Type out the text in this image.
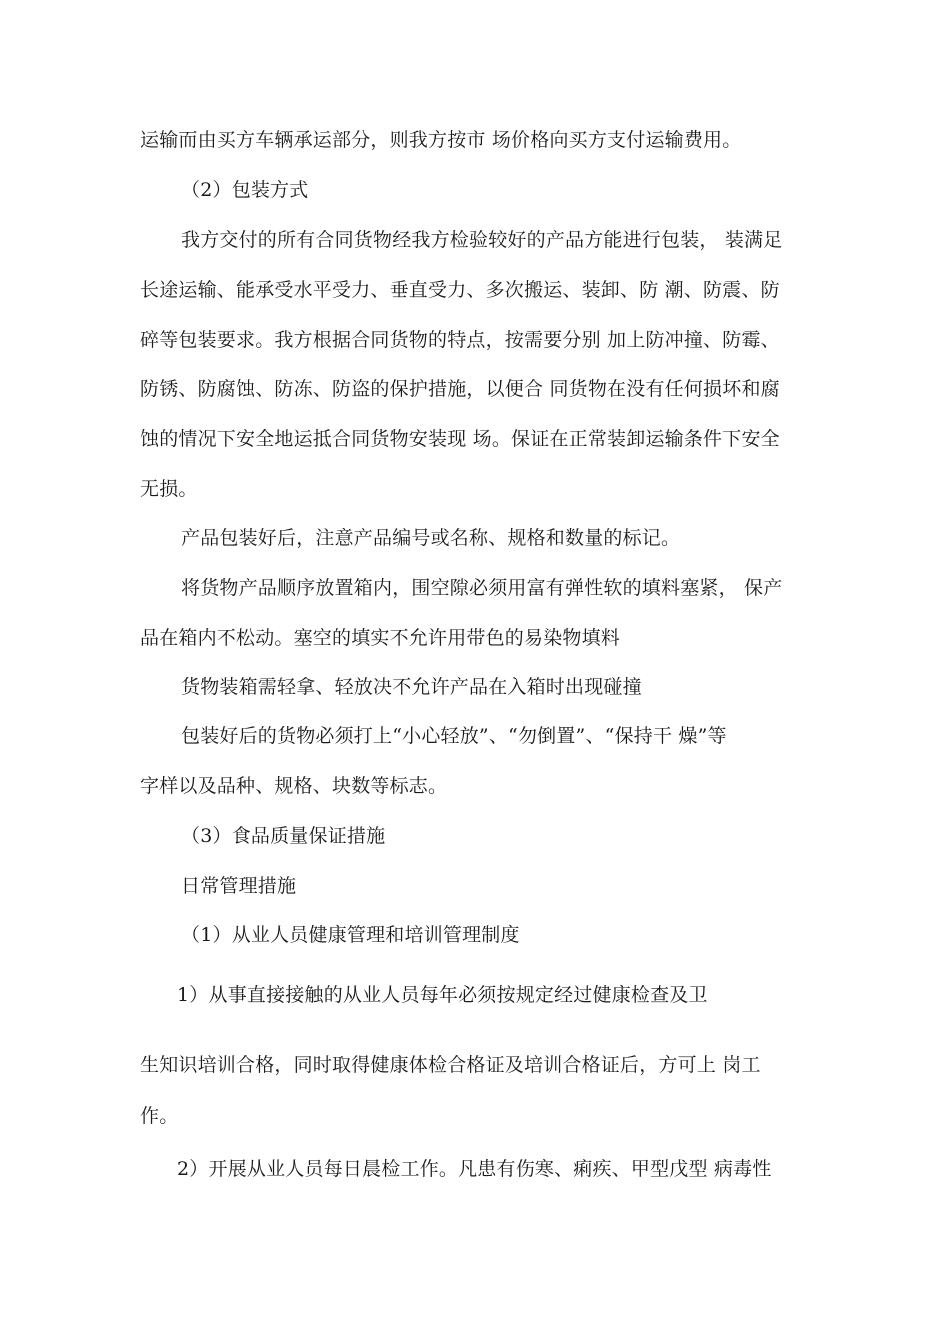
运输而由买方车辆承运部分，则我方按市 场价格向买方支付运输费用。
（2）包装方式
我方交付的所有合同货物经我方检验较好的产品方能进行包装， 装满足
长途运输、能承受水平受力、垂直受力、多次搬运、装卸、防 潮、防震、防
碎等包装要求。我方根据合同货物的特点，按需要分别 加上防冲撞、防霉、
防锈、防腐蚀、防冻、防盗的保护措施，以便合 同货物在没有任何损坏和腐
蚀的情况下安全地运抵合同货物安装现 场。保证在正常装卸运输条件下安全
无损。
产品包装好后，注意产品编号或名称、规格和数量的标记。
将货物产品顺序放置箱内，围空隙必须用富有弹性软的填料塞紧， 保产
品在箱内不松动。塞空的填实不允许用带色的易染物填料
货物装箱需轻拿、轻放决不允许产品在入箱时出现碰撞
包装好后的货物必须打上“小心轻放”、“勿倒置”、“保持干 燥”等
字样以及品种、规格、块数等标志。
（3）食品质量保证措施
日常管理措施
（1）从业人员健康管理和培训管理制度
1）从事直接接触的从业人员每年必须按规定经过健康检查及卫
生知识培训合格，同时取得健康体检合格证及培训合格证后，方可上 岗工
作。
2）开展从业人员每日晨检工作。凡患有伤寒、痢疾、甲型戊型 病毒性
